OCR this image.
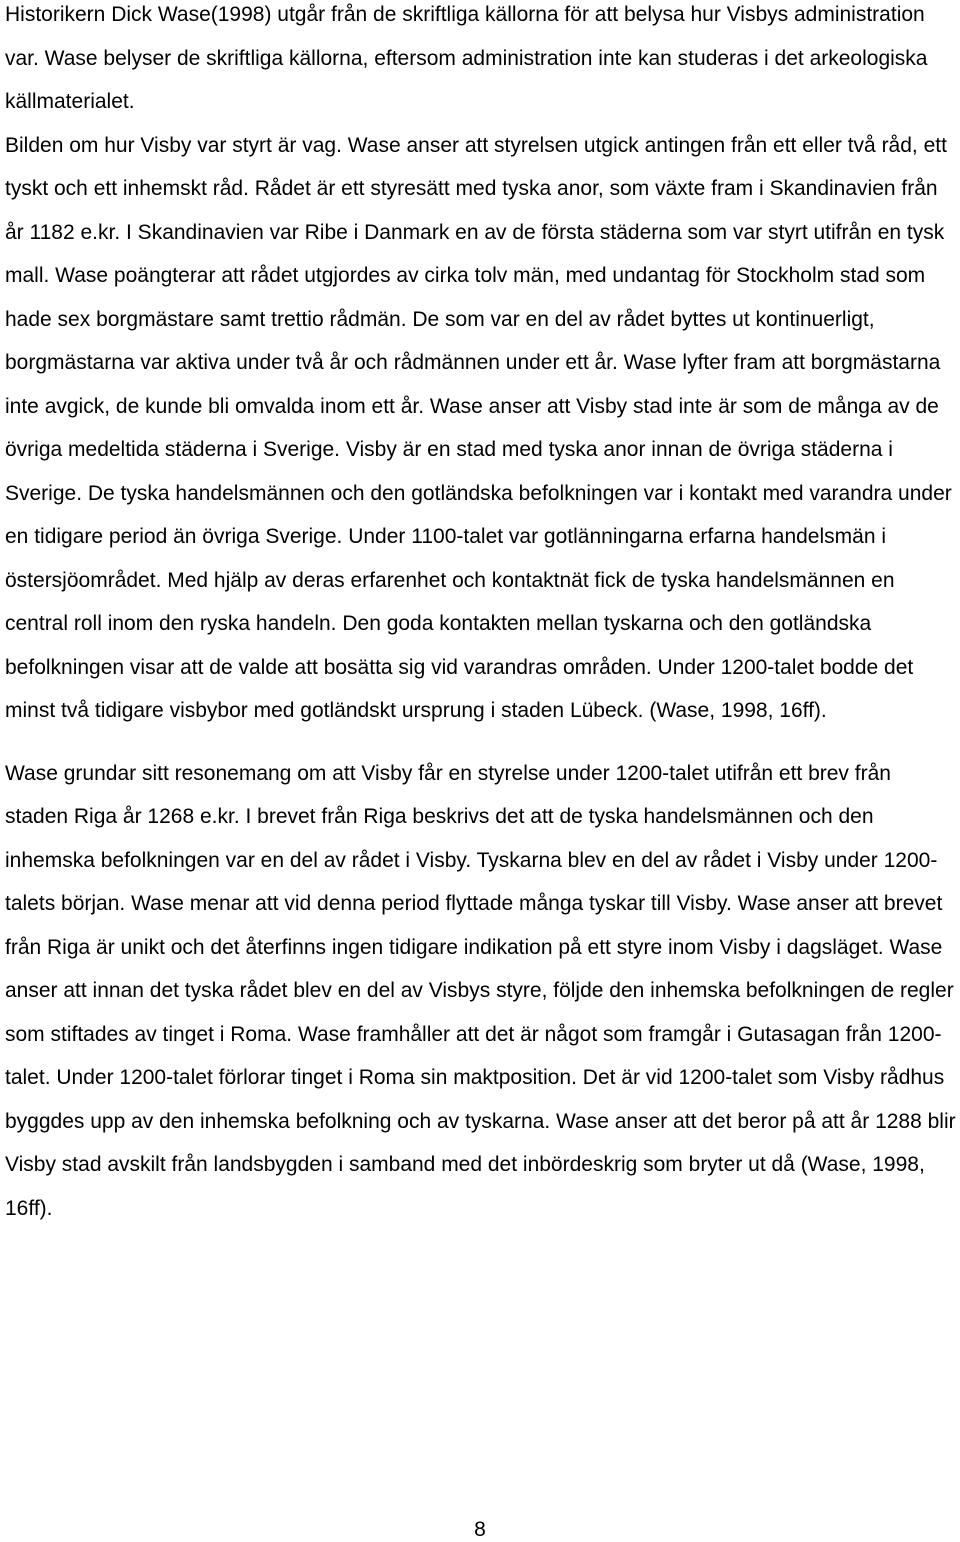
Historikern Dick Wase(1998) utgår från de skriftliga källorna för att belysa hur Visbys administration var. Wase belyser de skriftliga källorna, eftersom administration inte kan studeras i det arkeologiska källmaterialet.

Bilden om hur Visby var styrt är vag. Wase anser att styrelsen utgick antingen från ett eller två råd, ett tyskt och ett inhemskt råd. Rådet är ett styresätt med tyska anor, som växte fram i Skandinavien från år 1182 e.kr. I Skandinavien var Ribe i Danmark en av de första städerna som var styrt utifrån en tysk mall. Wase poängterar att rådet utgjordes av cirka tolv män, med undantag för Stockholm stad som hade sex borgmästare samt trettio rådmän. De som var en del av rådet byttes ut kontinuerligt, borgmästarna var aktiva under två år och rådmännen under ett år. Wase lyfter fram att borgmästarna inte avgick, de kunde bli omvalda inom ett år. Wase anser att Visby stad inte är som de många av de övriga medeltida städerna i Sverige. Visby är en stad med tyska anor innan de övriga städerna i Sverige. De tyska handelsmännen och den gotländska befolkningen var i kontakt med varandra under en tidigare period än övriga Sverige. Under 1100-talet var gotlänningarna erfarna handelsmän i östersjöområdet. Med hjälp av deras erfarenhet och kontaktnät fick de tyska handelsmännen en central roll inom den ryska handeln. Den goda kontakten mellan tyskarna och den gotländska befolkningen visar att de valde att bosätta sig vid varandras områden. Under 1200-talet bodde det minst två tidigare visbybor med gotländskt ursprung i staden Lübeck. (Wase, 1998, 16ff).

Wase grundar sitt resonemang om att Visby får en styrelse under 1200-talet utifrån ett brev från staden Riga år 1268 e.kr. I brevet från Riga beskrivs det att de tyska handelsmännen och den inhemska befolkningen var en del av rådet i Visby. Tyskarna blev en del av rådet i Visby under 1200-talets början. Wase menar att vid denna period flyttade många tyskar till Visby. Wase anser att brevet från Riga är unikt och det återfinns ingen tidigare indikation på ett styre inom Visby i dagsläget. Wase anser att innan det tyska rådet blev en del av Visbys styre, följde den inhemska befolkningen de regler som stiftades av tinget i Roma. Wase framhåller att det är något som framgår i Gutasagan från 1200-talet. Under 1200-talet förlorar tinget i Roma sin maktposition. Det är vid 1200-talet som Visby rådhus byggdes upp av den inhemska befolkning och av tyskarna. Wase anser att det beror på att år 1288 blir Visby stad avskilt från landsbygden i samband med det inbördeskrig som bryter ut då (Wase, 1998, 16ff).

8
